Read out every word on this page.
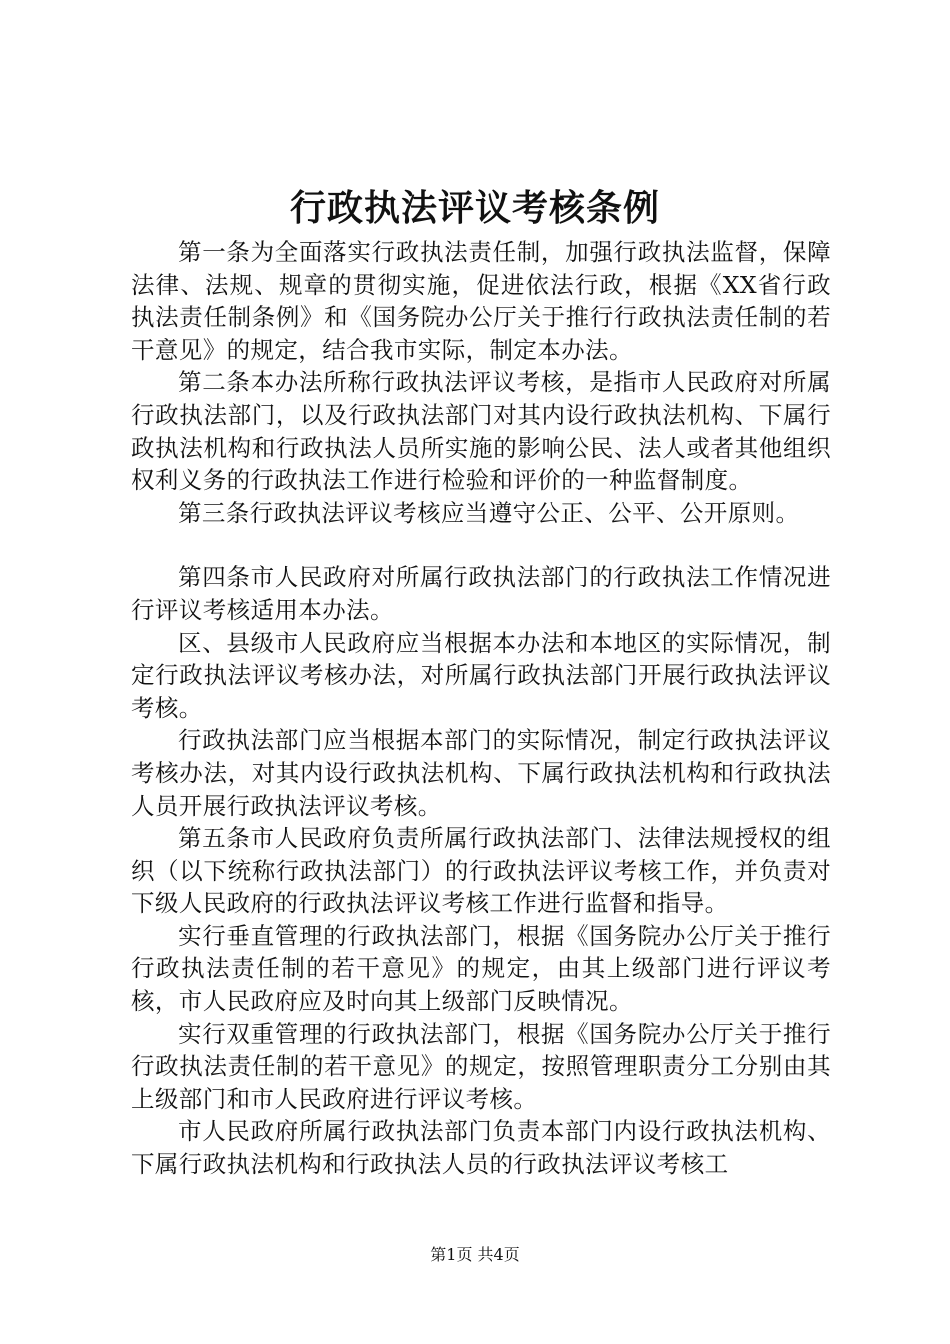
行政执法评议考核条例

第一条为全面落实行政执法责任制，加强行政执法监督，保障法律、法规、规章的贯彻实施，促进依法行政，根据《XX省行政执法责任制条例》和《国务院办公厅关于推行行政执法责任制的若干意见》的规定，结合我市实际，制定本办法。

第二条本办法所称行政执法评议考核，是指市人民政府对所属行政执法部门，以及行政执法部门对其内设行政执法机构、下属行政执法机构和行政执法人员所实施的影响公民、法人或者其他组织权利义务的行政执法工作进行检验和评价的一种监督制度。

第三条行政执法评议考核应当遵守公正、公平、公开原则。

第四条市人民政府对所属行政执法部门的行政执法工作情况进行评议考核适用本办法。

区、县级市人民政府应当根据本办法和本地区的实际情况，制定行政执法评议考核办法，对所属行政执法部门开展行政执法评议考核。

行政执法部门应当根据本部门的实际情况，制定行政执法评议考核办法，对其内设行政执法机构、下属行政执法机构和行政执法人员开展行政执法评议考核。

第五条市人民政府负责所属行政执法部门、法律法规授权的组织（以下统称行政执法部门）的行政执法评议考核工作，并负责对下级人民政府的行政执法评议考核工作进行监督和指导。

实行垂直管理的行政执法部门，根据《国务院办公厅关于推行行政执法责任制的若干意见》的规定，由其上级部门进行评议考核，市人民政府应及时向其上级部门反映情况。

实行双重管理的行政执法部门，根据《国务院办公厅关于推行行政执法责任制的若干意见》的规定，按照管理职责分工分别由其上级部门和市人民政府进行评议考核。

市人民政府所属行政执法部门负责本部门内设行政执法机构、下属行政执法机构和行政执法人员的行政执法评议考核工

第1页 共4页
